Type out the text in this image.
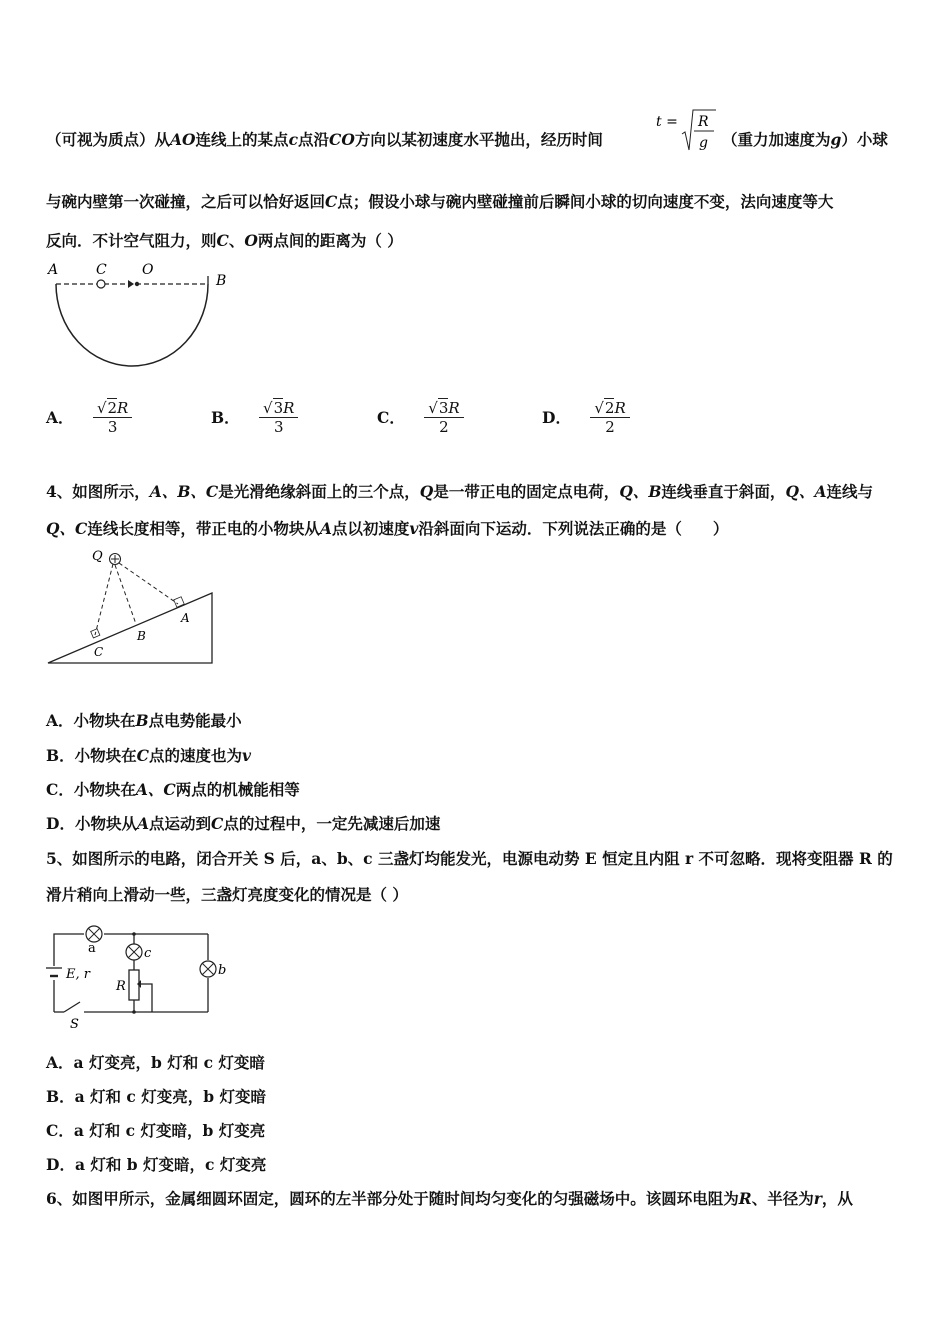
（可视为质点）从AO连线上的某点c点沿CO方向以某初速度水平抛出，经历时间
t = R
g （重力加速度为g）小球
与碗内壁第一次碰撞，之后可以恰好返回C点；假设小球与碗内壁碰撞前后瞬间小球的切向速度不变，法向速度等大
反向．不计空气阻力，则C、O两点间的距离为（ ）
A	C	O
B
A． $\frac{√2R}{3}$	B． $\frac{√3R}{3}$	C． $\frac{√3R}{2}$	D． $\frac{√2R}{2}$
4、如图所示，A、B、C是光滑绝缘斜面上的三个点，Q是一带正电的固定点电荷，Q、B连线垂直于斜面，Q、A连线与
Q、C连线长度相等，带正电的小物块从A点以初速度v沿斜面向下运动．下列说法正确的是（　　）
Q
A
B
C
A．小物块在B点电势能最小
B．小物块在C点的速度也为v
C．小物块在A、C两点的机械能相等
D．小物块从A点运动到C点的过程中，一定先减速后加速
5、如图所示的电路，闭合开关 S 后，a、b、c 三盏灯均能发光，电源电动势 E 恒定且内阻 r 不可忽略．现将变阻器 R 的
滑片稍向上滑动一些，三盏灯亮度变化的情况是（ ）
a
b
c
E, r
R
S
A．a 灯变亮，b 灯和 c 灯变暗
B．a 灯和 c 灯变亮，b 灯变暗
C．a 灯和 c 灯变暗，b 灯变亮
D．a 灯和 b 灯变暗，c 灯变亮
6、如图甲所示，金属细圆环固定，圆环的左半部分处于随时间均匀变化的匀强磁场中。该圆环电阻为R、半径为r，从
